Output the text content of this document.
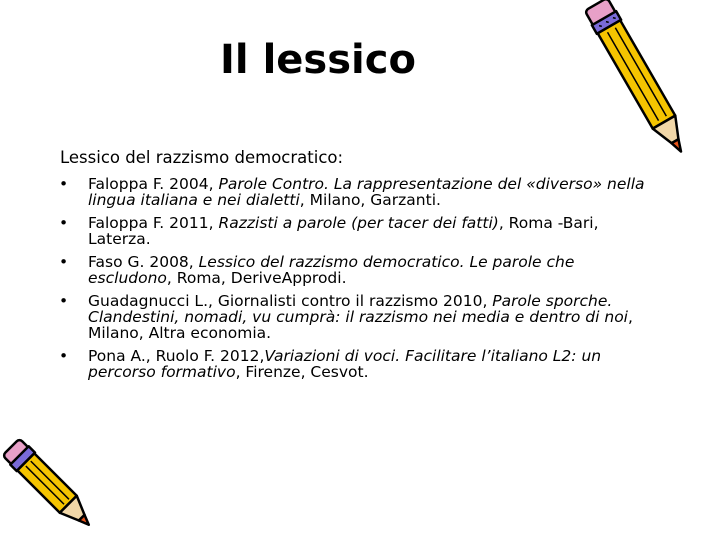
Il lessico

Lessico del razzismo democratico:

• Faloppa F. 2004, Parole Contro. La rappresentazione del «diverso» nella lingua italiana e nei dialetti, Milano, Garzanti.
• Faloppa F. 2011, Razzisti a parole (per tacer dei fatti), Roma -Bari, Laterza.
• Faso G. 2008, Lessico del razzismo democratico. Le parole che escludono, Roma, DeriveApprodi.
• Guadagnucci L., Giornalisti contro il razzismo 2010, Parole sporche. Clandestini, nomadi, vu cumprà: il razzismo nei media e dentro di noi, Milano, Altra economia.
• Pona A., Ruolo F. 2012,Variazioni di voci. Facilitare l’italiano L2: un percorso formativo, Firenze, Cesvot.
